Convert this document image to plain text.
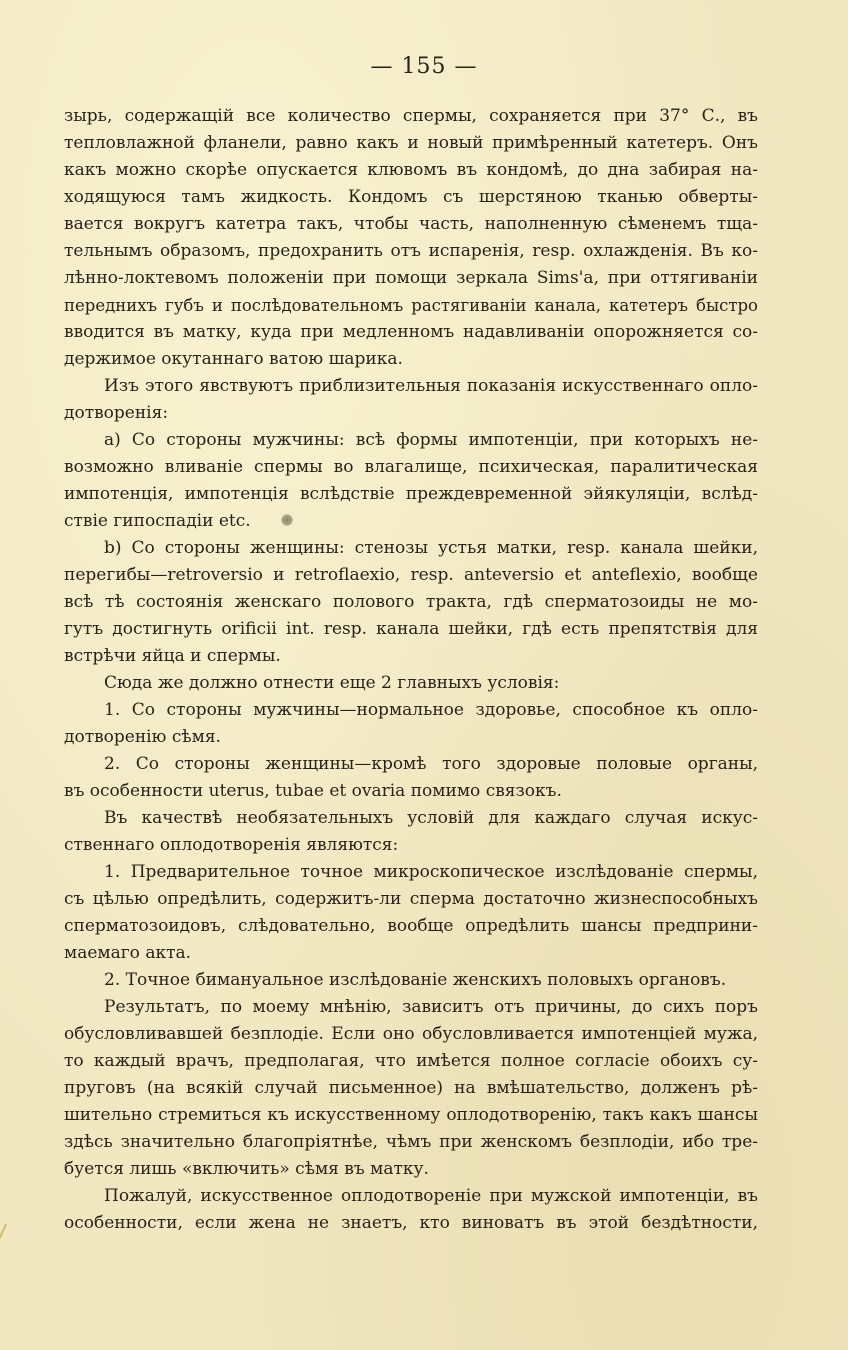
— 155 —
зырь, содержащій все количество спермы, сохраняется при 37° С., въ
тепловлажной фланели, равно какъ и новый примѣренный катетеръ. Онъ
какъ можно скорѣе опускается клювомъ въ кондомѣ, до дна забирая на-
ходящуюся тамъ жидкость. Кондомъ съ шерстяною тканью обверты-
вается вокругъ катетра такъ, чтобы часть, наполненную сѣменемъ тща-
тельнымъ образомъ, предохранить отъ испаренія, resp. охлажденія. Въ ко-
лѣнно-локтевомъ положеніи при помощи зеркала Sims'a, при оттягиваніи
переднихъ губъ и послѣдовательномъ растягиваніи канала, катетеръ быстро
вводится въ матку, куда при медленномъ надавливаніи опорожняется со-
держимое окутаннаго ватою шарика.
Изъ этого явствуютъ приблизительныя показанія искусственнаго опло-
дотворенія:
a) Со стороны мужчины: всѣ формы импотенціи, при которыхъ не-
возможно вливаніе спермы во влагалище, психическая, паралитическая
импотенція, импотенція вслѣдствіе преждевременной эйякуляціи, вслѣд-
ствіе гипоспадіи etc.
b) Со стороны женщины: стенозы устья матки, resp. канала шейки,
перегибы—retroversio и retroflaexio, resp. anteversio et anteflexio, вообще
всѣ тѣ состоянія женскаго полового тракта, гдѣ сперматозоиды не мо-
гутъ достигнуть orificii int. resp. канала шейки, гдѣ есть препятствія для
встрѣчи яйца и спермы.
Сюда же должно отнести еще 2 главныхъ условія:
1. Со стороны мужчины—нормальное здоровье, способное къ опло-
дотворенію сѣмя.
2. Со стороны женщины—кромѣ того здоровые половые органы,
въ особенности uterus, tubae et ovaria помимо связокъ.
Въ качествѣ необязательныхъ условій для каждаго случая искус-
ственнаго оплодотворенія являются:
1. Предварительное точное микроскопическое изслѣдованіе спермы,
съ цѣлью опредѣлить, содержитъ-ли сперма достаточно жизнеспособныхъ
сперматозоидовъ, слѣдовательно, вообще опредѣлить шансы предприни-
маемаго акта.
2. Точное бимануальное изслѣдованіе женскихъ половыхъ органовъ.
Результатъ, по моему мнѣнію, зависитъ отъ причины, до сихъ поръ
обусловливавшей безплодіе. Если оно обусловливается импотенціей мужа,
то каждый врачъ, предполагая, что имѣется полное согласіе обоихъ су-
пруговъ (на всякій случай письменное) на вмѣшательство, долженъ рѣ-
шительно стремиться къ искусственному оплодотворенію, такъ какъ шансы
здѣсь значительно благопріятнѣе, чѣмъ при женскомъ безплодіи, ибо тре-
буется лишь «включить» сѣмя въ матку.
Пожалуй, искусственное оплодотвореніе при мужской импотенціи, въ
особенности, если жена не знаетъ, кто виноватъ въ этой бездѣтности,
